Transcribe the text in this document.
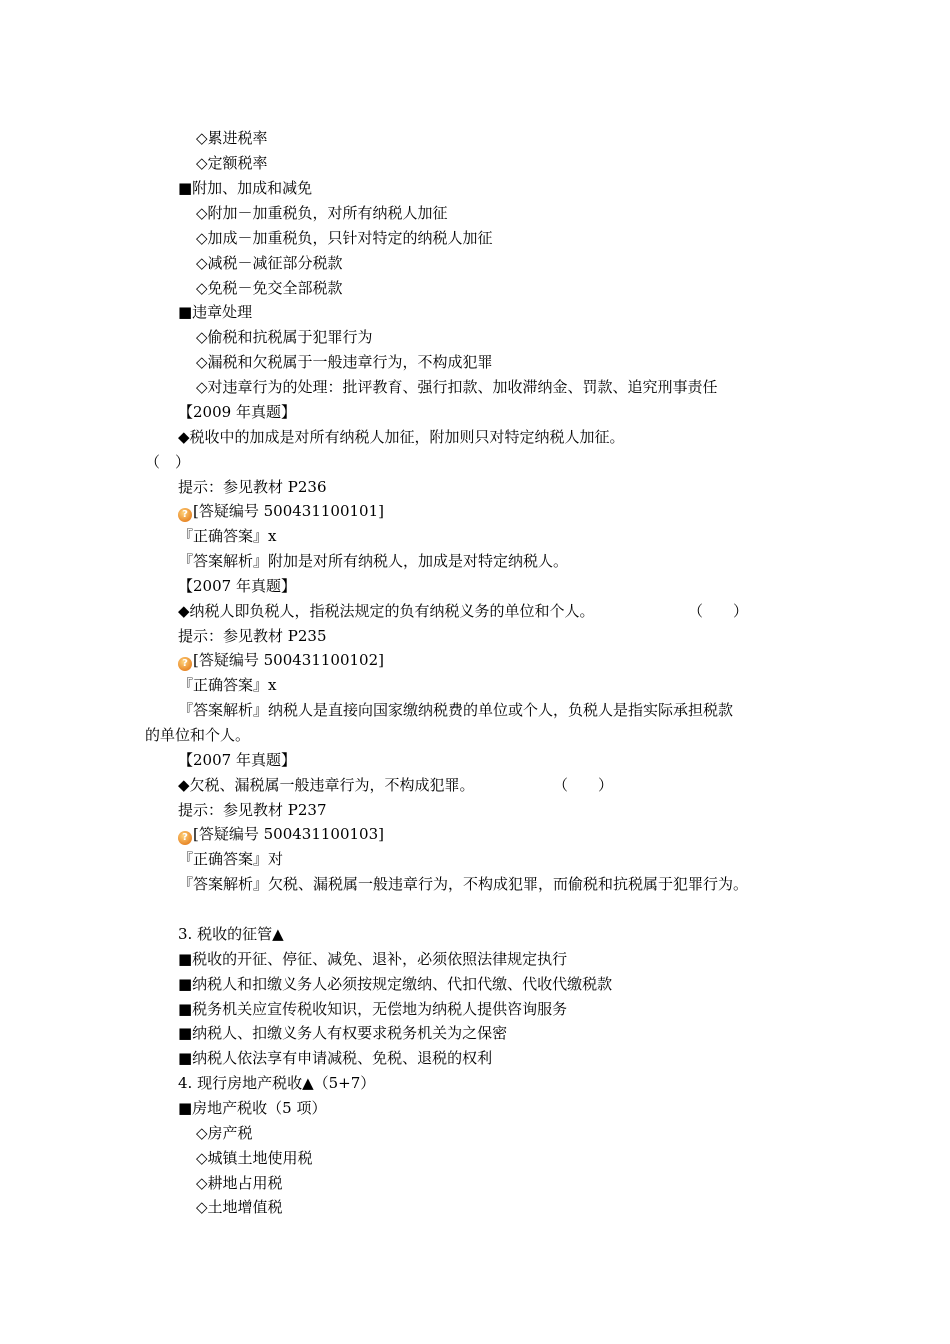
◇累进税率
◇定额税率
■附加、加成和减免
◇附加－加重税负，对所有纳税人加征
◇加成－加重税负，只针对特定的纳税人加征
◇减税－减征部分税款
◇免税－免交全部税款
■违章处理
◇偷税和抗税属于犯罪行为
◇漏税和欠税属于一般违章行为，不构成犯罪
◇对违章行为的处理：批评教育、强行扣款、加收滞纳金、罚款、追究刑事责任
【2009 年真题】
◆税收中的加成是对所有纳税人加征，附加则只对特定纳税人加征。
（　）
提示：参见教材 P236
? [答疑编号 500431100101]
『正确答案』x
『答案解析』附加是对所有纳税人，加成是对特定纳税人。
【2007 年真题】
◆纳税人即负税人，指税法规定的负有纳税义务的单位和个人。	（　　）
提示：参见教材 P235
? [答疑编号 500431100102]
『正确答案』x
『答案解析』纳税人是直接向国家缴纳税费的单位或个人，负税人是指实际承担税款
的单位和个人。
【2007 年真题】
◆欠税、漏税属一般违章行为，不构成犯罪。	（　　）
提示：参见教材 P237
? [答疑编号 500431100103]
『正确答案』对
『答案解析』欠税、漏税属一般违章行为，不构成犯罪，而偷税和抗税属于犯罪行为。
3. 税收的征管▲
■税收的开征、停征、减免、退补，必须依照法律规定执行
■纳税人和扣缴义务人必须按规定缴纳、代扣代缴、代收代缴税款
■税务机关应宣传税收知识，无偿地为纳税人提供咨询服务
■纳税人、扣缴义务人有权要求税务机关为之保密
■纳税人依法享有申请减税、免税、退税的权利
4. 现行房地产税收▲（5+7）
■房地产税收（5 项）
◇房产税
◇城镇土地使用税
◇耕地占用税
◇土地增值税
